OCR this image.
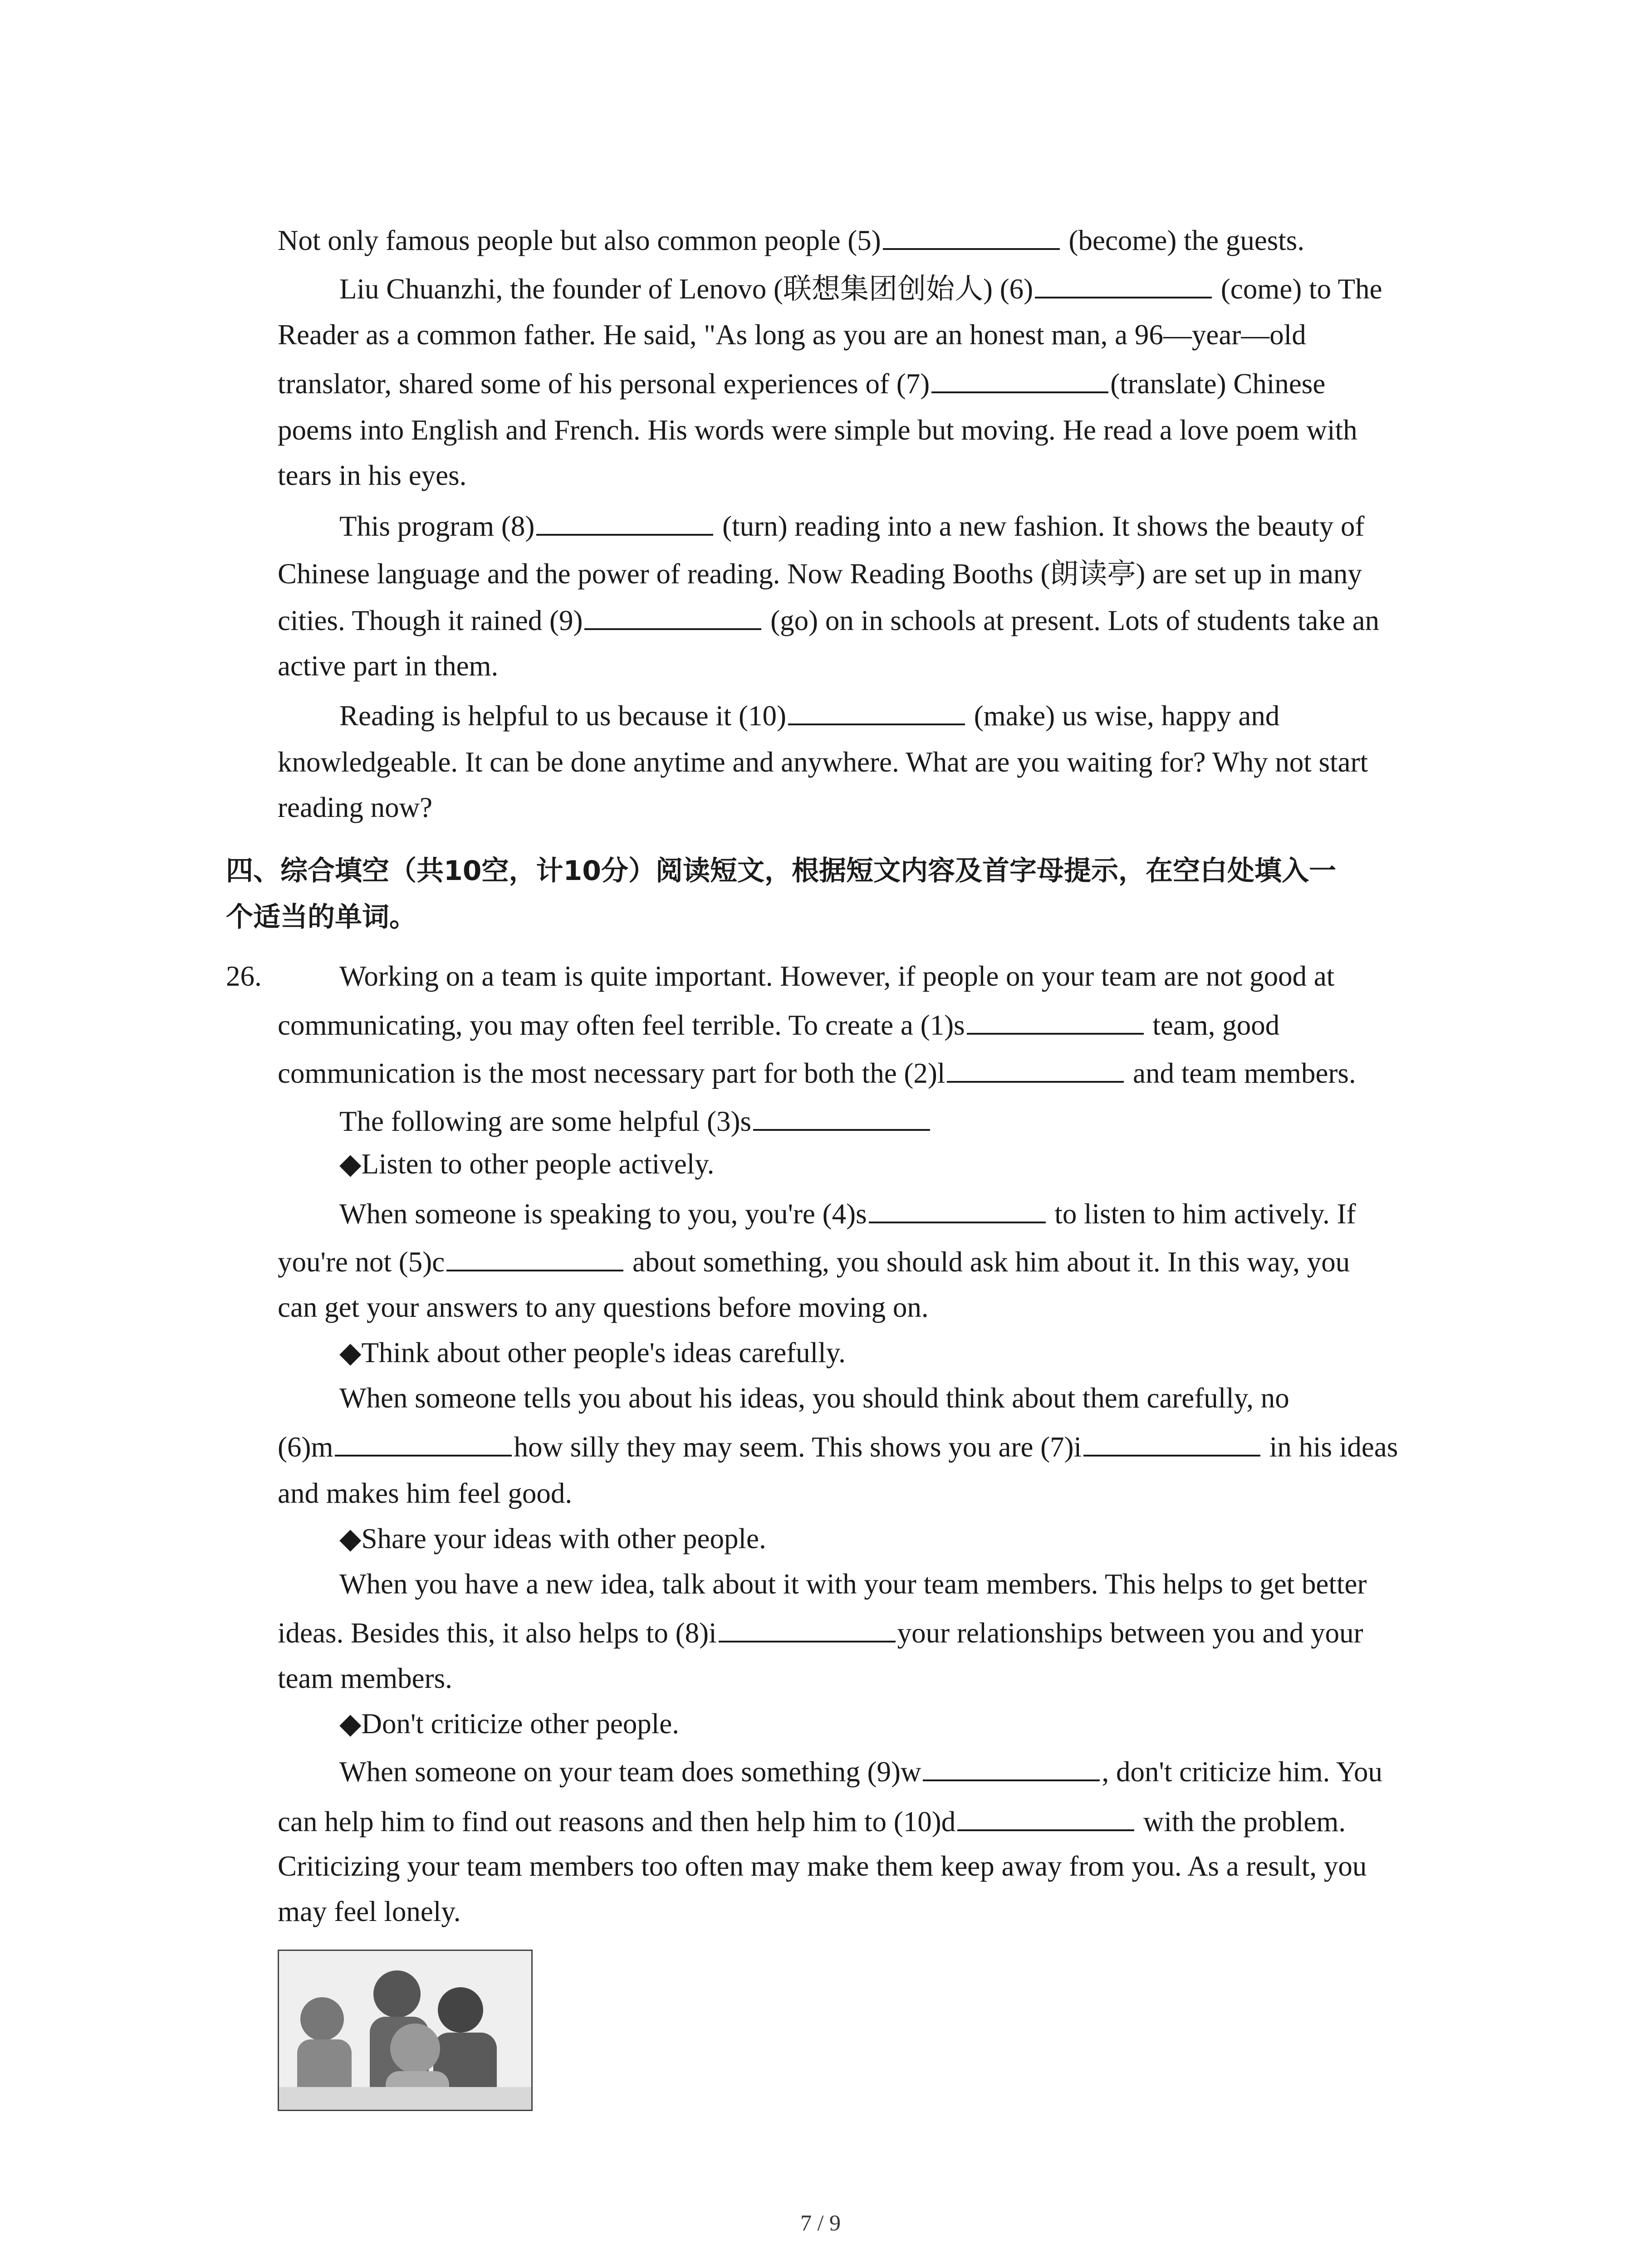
Not only famous people but also common people (5)	(become) the guests.
Liu Chuanzhi, the founder of Lenovo (联想集团创始人) (6)	(come) to The
Reader as a common father. He said, "As long as you are an honest man, a 96—year—old
translator, shared some of his personal experiences of (7)	(translate) Chinese
poems into English and French. His words were simple but moving. He read a love poem with
tears in his eyes.
This program (8)	(turn) reading into a new fashion. It shows the beauty of
Chinese language and the power of reading. Now Reading Booths (朗读亭) are set up in many
cities. Though it rained (9)	(go) on in schools at present. Lots of students take an
active part in them.
Reading is helpful to us because it (10)	(make) us wise, happy and
knowledgeable. It can be done anytime and anywhere. What are you waiting for? Why not start
reading now?
四、综合填空（共10空，计10分）阅读短文，根据短文内容及首字母提示，在空白处填入一
个适当的单词。
26.	Working on a team is quite important. However, if people on your team are not good at
communicating, you may often feel terrible. To create a (1)s	team, good
communication is the most necessary part for both the (2)l	and team members.
The following are some helpful (3)s
◆Listen to other people actively.
When someone is speaking to you, you're (4)s	to listen to him actively. If
you're not (5)c	about something, you should ask him about it. In this way, you
can get your answers to any questions before moving on.
◆Think about other people's ideas carefully.
When someone tells you about his ideas, you should think about them carefully, no
(6)m	how silly they may seem. This shows you are (7)i	in his ideas
and makes him feel good.
◆Share your ideas with other people.
When you have a new idea, talk about it with your team members. This helps to get better
ideas. Besides this, it also helps to (8)i	your relationships between you and your
team members.
◆Don't criticize other people.
When someone on your team does something (9)w	, don't criticize him. You
can help him to find out reasons and then help him to (10)d	with the problem.
Criticizing your team members too often may make them keep away from you. As a result, you
may feel lonely.
7 / 9
